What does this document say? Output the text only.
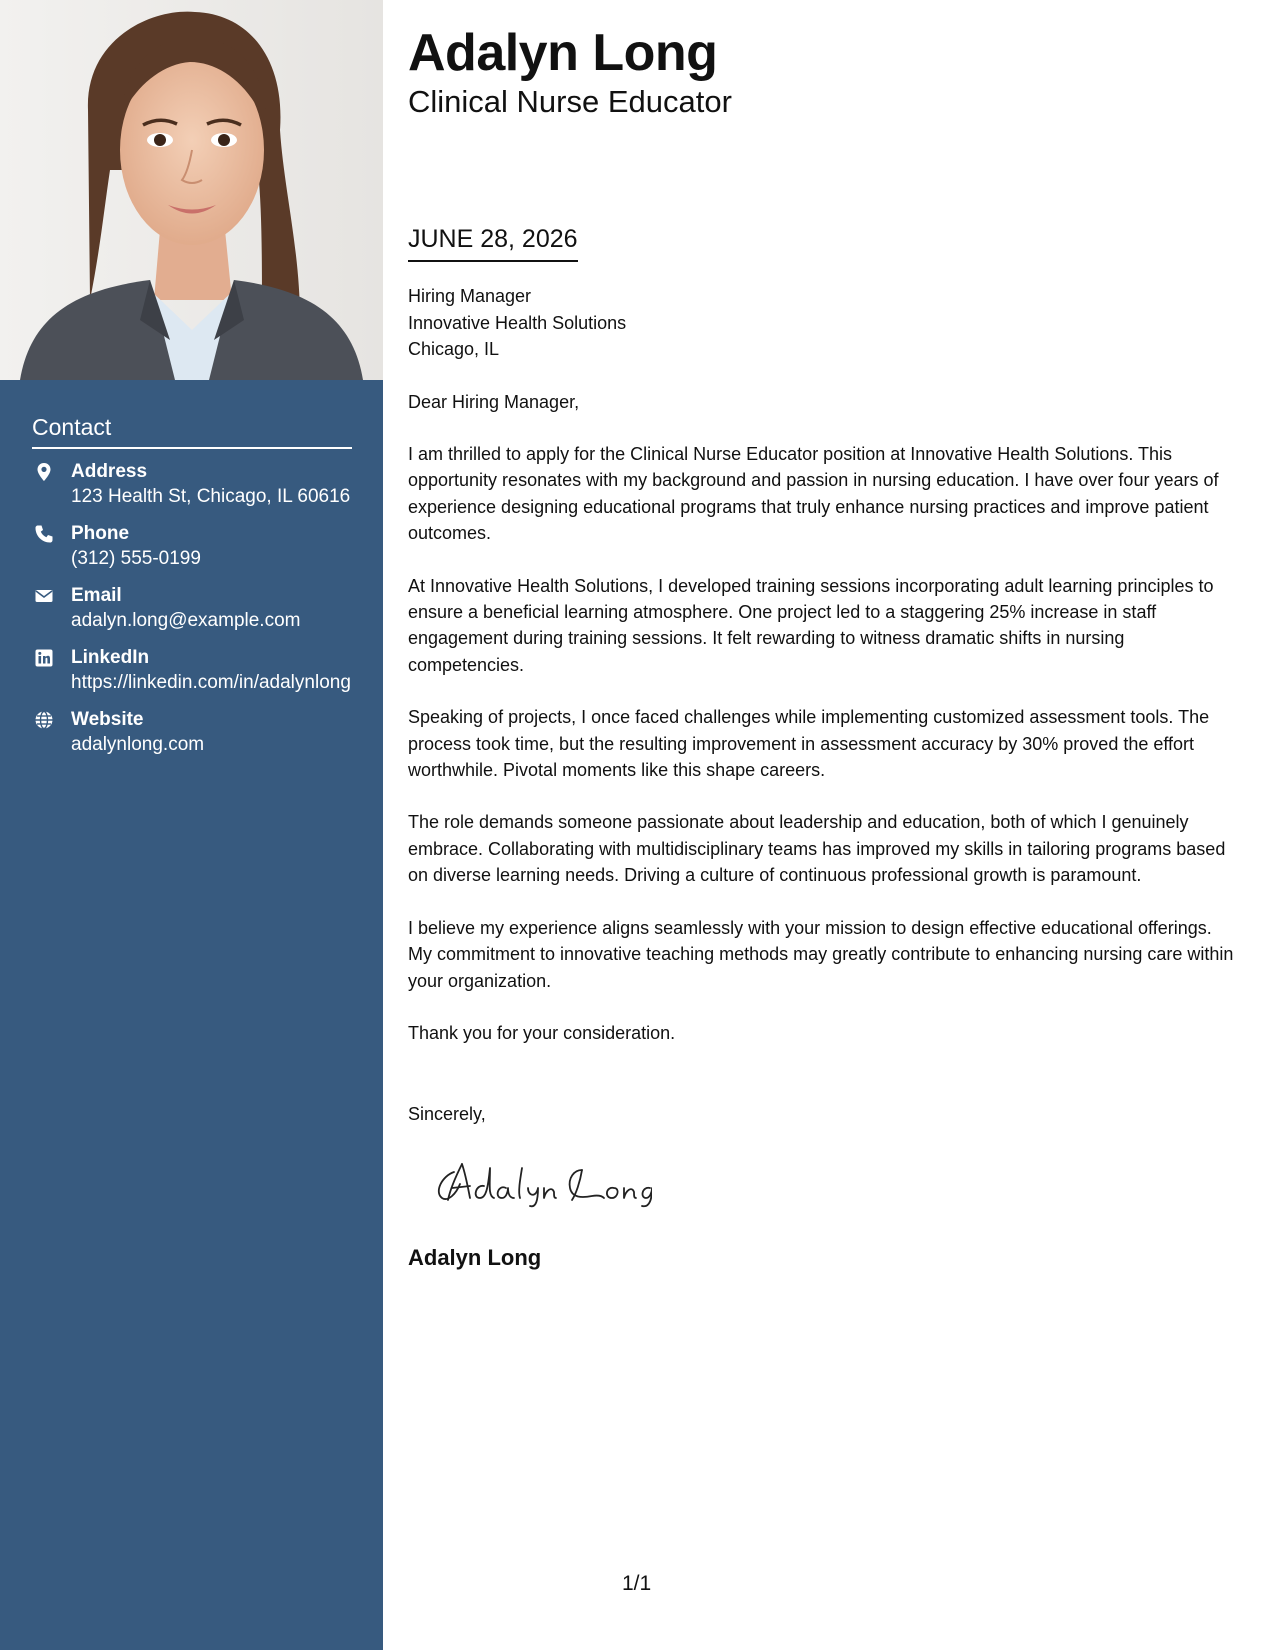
Contact
Address
123 Health St, Chicago, IL 60616
Phone
(312) 555-0199
Email
adalyn.long@example.com
LinkedIn
https://linkedin.com/in/adalynlong
Website
adalynlong.com
Adalyn Long
Clinical Nurse Educator
JUNE 28, 2026
Hiring Manager
Innovative Health Solutions
Chicago, IL
Dear Hiring Manager,

I am thrilled to apply for the Clinical Nurse Educator position at Innovative Health Solutions. This opportunity resonates with my background and passion in nursing education. I have over four years of experience designing educational programs that truly enhance nursing practices and improve patient outcomes.

At Innovative Health Solutions, I developed training sessions incorporating adult learning principles to ensure a beneficial learning atmosphere. One project led to a staggering 25% increase in staff engagement during training sessions. It felt rewarding to witness dramatic shifts in nursing competencies.

Speaking of projects, I once faced challenges while implementing customized assessment tools. The process took time, but the resulting improvement in assessment accuracy by 30% proved the effort worthwhile. Pivotal moments like this shape careers.

The role demands someone passionate about leadership and education, both of which I genuinely embrace. Collaborating with multidisciplinary teams has improved my skills in tailoring programs based on diverse learning needs. Driving a culture of continuous professional growth is paramount.

I believe my experience aligns seamlessly with your mission to design effective educational offerings. My commitment to innovative teaching methods may greatly contribute to enhancing nursing care within your organization.

Thank you for your consideration.

Sincerely,
Adalyn Long
1/1
